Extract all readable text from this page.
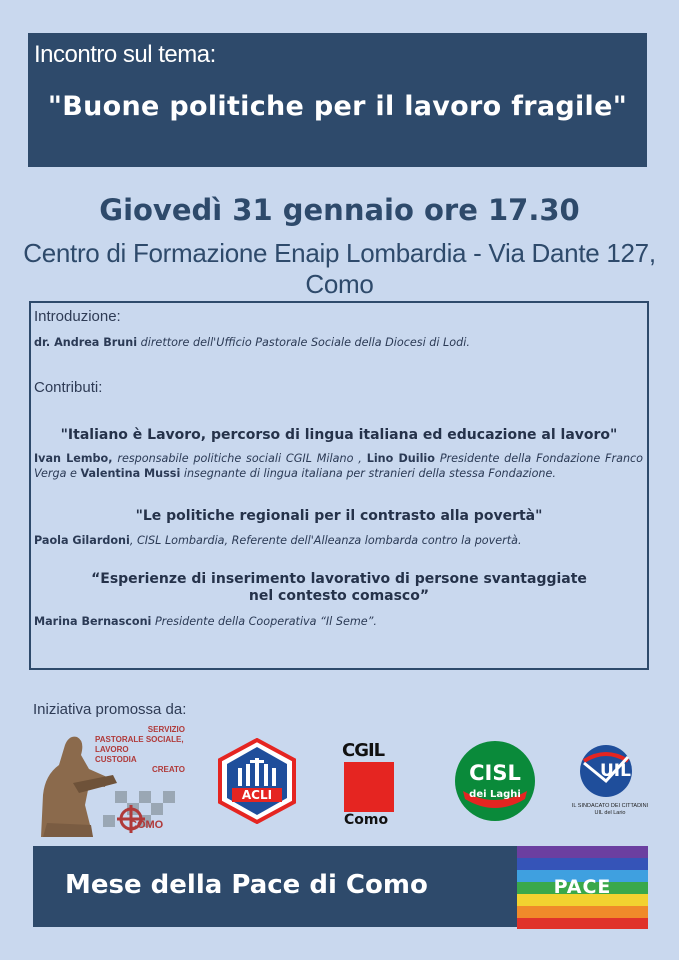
Incontro sul tema:
"Buone politiche per il lavoro fragile"
Giovedì 31 gennaio ore 17.30
Centro di Formazione Enaip Lombardia - Via Dante 127, Como
Introduzione:
dr. Andrea Bruni direttore dell'Ufficio Pastorale Sociale della Diocesi di Lodi.
Contributi:
"Italiano è Lavoro, percorso di lingua italiana ed educazione al lavoro"
Ivan Lembo, responsabile politiche sociali CGIL Milano , Lino Duilio Presidente della Fondazione Franco Verga e Valentina Mussi insegnante di lingua italiana per stranieri della stessa Fondazione.
"Le politiche regionali per il contrasto alla povertà"
Paola Gilardoni, CISL Lombardia, Referente dell'Alleanza lombarda contro la povertà.
“Esperienze di inserimento lavorativo di persone svantaggiate nel contesto comasco”
Marina Bernasconi Presidente della Cooperativa “Il Seme”.
Iniziativa promossa da:
SERVIZIO
PASTORALE SOCIALE,
LAVORO
CUSTODIA
CREATO
COMO
ACLI
CGIL
Como
CISL
dei Laghi
UIL
IL SINDACATO DEI CITTADINI
UIL del Lario
Mese della Pace di Como	PACE
